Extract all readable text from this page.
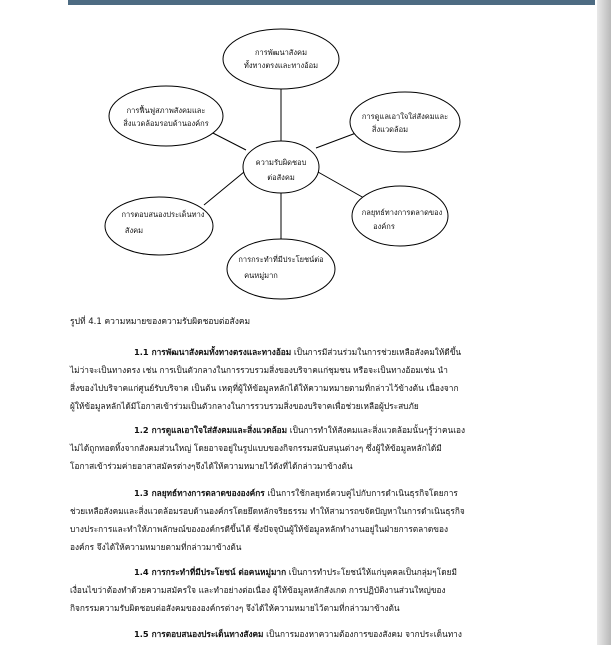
การพัฒนาสังคม
ทั้งทางตรงและทางอ้อม
การดูแลเอาใจใส่สังคมและ
สิ่งแวดล้อม
กลยุทธ์ทางการตลาดของ
องค์กร
การกระทำที่มีประโยชน์ต่อ
คนหมู่มาก
การตอบสนองประเด็นทาง
สังคม
การฟื้นฟูสภาพสังคมและ
สิ่งแวดล้อมรอบด้านองค์กร
ความรับผิดชอบ
ต่อสังคม
รูปที่ 4.1 ความหมายของความรับผิดชอบต่อสังคม
1.1 การพัฒนาสังคมทั้งทางตรงและทางอ้อม เป็นการมีส่วนร่วมในการช่วยเหลือสังคมให้ดีขึ้น
ไม่ว่าจะเป็นทางตรง เช่น การเป็นตัวกลางในการรวบรวมสิ่งของบริจาคแก่ชุมชน หรือจะเป็นทางอ้อมเช่น นำ
สิ่งของไปบริจาคแก่ศูนย์รับบริจาค เป็นต้น เหตุที่ผู้ให้ข้อมูลหลักได้ให้ความหมายตามที่กล่าวไว้ข้างต้น เนื่องจาก
ผู้ให้ข้อมูลหลักได้มีโอกาสเข้าร่วมเป็นตัวกลางในการรวบรวมสิ่งของบริจาคเพื่อช่วยเหลือผู้ประสบภัย
1.2 การดูแลเอาใจใส่สังคมและสิ่งแวดล้อม เป็นการทำให้สังคมและสิ่งแวดล้อมนั้นๆรู้ว่าคนเอง
ไม่ได้ถูกทอดทิ้งจากสังคมส่วนใหญ่ โดยอาจอยู่ในรูปแบบของกิจกรรมสนับสนุนต่างๆ ซึ่งผู้ให้ข้อมูลหลักได้มี
โอกาสเข้าร่วมค่ายอาสาสมัครต่างๆจึงได้ให้ความหมายไว้ดังที่ได้กล่าวมาข้างต้น
1.3 กลยุทธ์ทางการตลาดขององค์กร เป็นการใช้กลยุทธ์ควบคู่ไปกับการดำเนินธุรกิจโดยการ
ช่วยเหลือสังคมและสิ่งแวดล้อมรอบด้านองค์กรโดยยึดหลักจริยธรรม ทำให้สามารถขจัดปัญหาในการดำเนินธุรกิจ
บางประการและทำให้ภาพลักษณ์ขององค์กรดีขึ้นได้ ซึ่งปัจจุบันผู้ให้ข้อมูลหลักทำงานอยู่ในฝ่ายการตลาดของ
องค์กร จึงได้ให้ความหมายตามที่กล่าวมาข้างต้น
1.4 การกระทำที่มีประโยชน์ ต่อคนหมู่มาก เป็นการทำประโยชน์ให้แก่บุคคลเป็นกลุ่มๆโดยมี
เงื่อนไขว่าต้องทำด้วยความสมัครใจ และทำอย่างต่อเนื่อง ผู้ให้ข้อมูลหลักสังเกต การปฏิบัติงานส่วนใหญ่ของ
กิจกรรมความรับผิดชอบต่อสังคมขององค์กรต่างๆ จึงได้ให้ความหมายไว้ตามที่กล่าวมาข้างต้น
1.5 การตอบสนองประเด็นทางสังคม เป็นการมองหาความต้องการของสังคม จากประเด็นทาง
